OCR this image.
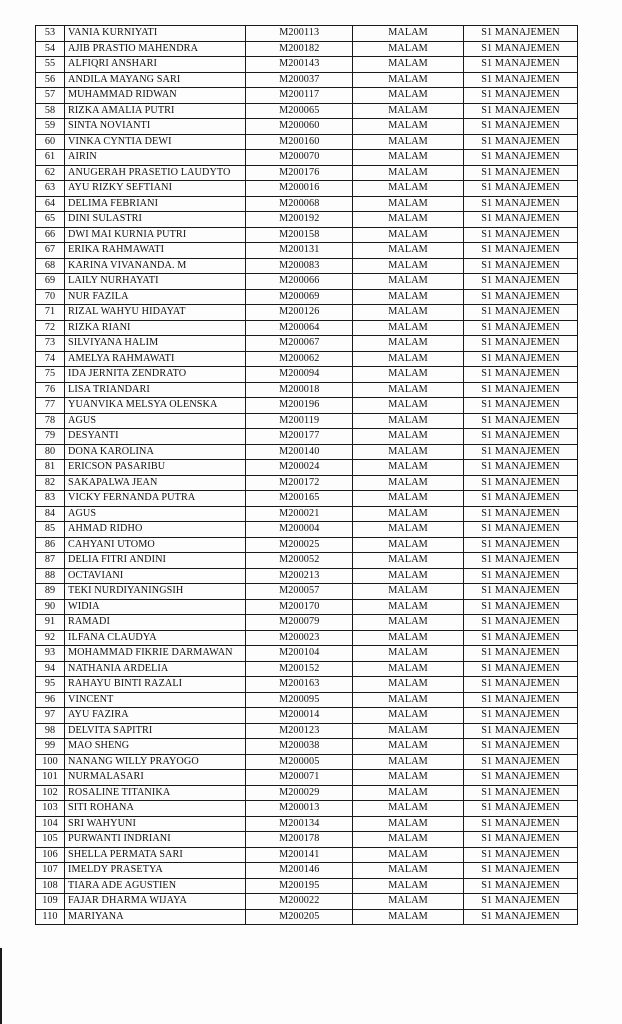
53	VANIA KURNIYATI	M200113	MALAM	S1 MANAJEMEN
54	AJIB PRASTIO MAHENDRA	M200182	MALAM	S1 MANAJEMEN
55	ALFIQRI ANSHARI	M200143	MALAM	S1 MANAJEMEN
56	ANDILA MAYANG SARI	M200037	MALAM	S1 MANAJEMEN
57	MUHAMMAD RIDWAN	M200117	MALAM	S1 MANAJEMEN
58	RIZKA AMALIA PUTRI	M200065	MALAM	S1 MANAJEMEN
59	SINTA NOVIANTI	M200060	MALAM	S1 MANAJEMEN
60	VINKA CYNTIA DEWI	M200160	MALAM	S1 MANAJEMEN
61	AIRIN	M200070	MALAM	S1 MANAJEMEN
62	ANUGERAH PRASETIO LAUDYTO	M200176	MALAM	S1 MANAJEMEN
63	AYU RIZKY SEFTIANI	M200016	MALAM	S1 MANAJEMEN
64	DELIMA FEBRIANI	M200068	MALAM	S1 MANAJEMEN
65	DINI SULASTRI	M200192	MALAM	S1 MANAJEMEN
66	DWI MAI KURNIA PUTRI	M200158	MALAM	S1 MANAJEMEN
67	ERIKA RAHMAWATI	M200131	MALAM	S1 MANAJEMEN
68	KARINA VIVANANDA. M	M200083	MALAM	S1 MANAJEMEN
69	LAILY NURHAYATI	M200066	MALAM	S1 MANAJEMEN
70	NUR FAZILA	M200069	MALAM	S1 MANAJEMEN
71	RIZAL WAHYU HIDAYAT	M200126	MALAM	S1 MANAJEMEN
72	RIZKA RIANI	M200064	MALAM	S1 MANAJEMEN
73	SILVIYANA HALIM	M200067	MALAM	S1 MANAJEMEN
74	AMELYA RAHMAWATI	M200062	MALAM	S1 MANAJEMEN
75	IDA JERNITA ZENDRATO	M200094	MALAM	S1 MANAJEMEN
76	LISA TRIANDARI	M200018	MALAM	S1 MANAJEMEN
77	YUANVIKA MELSYA OLENSKA	M200196	MALAM	S1 MANAJEMEN
78	AGUS	M200119	MALAM	S1 MANAJEMEN
79	DESYANTI	M200177	MALAM	S1 MANAJEMEN
80	DONA KAROLINA	M200140	MALAM	S1 MANAJEMEN
81	ERICSON PASARIBU	M200024	MALAM	S1 MANAJEMEN
82	SAKAPALWA JEAN	M200172	MALAM	S1 MANAJEMEN
83	VICKY FERNANDA PUTRA	M200165	MALAM	S1 MANAJEMEN
84	AGUS	M200021	MALAM	S1 MANAJEMEN
85	AHMAD RIDHO	M200004	MALAM	S1 MANAJEMEN
86	CAHYANI UTOMO	M200025	MALAM	S1 MANAJEMEN
87	DELIA FITRI ANDINI	M200052	MALAM	S1 MANAJEMEN
88	OCTAVIANI	M200213	MALAM	S1 MANAJEMEN
89	TEKI NURDIYANINGSIH	M200057	MALAM	S1 MANAJEMEN
90	WIDIA	M200170	MALAM	S1 MANAJEMEN
91	RAMADI	M200079	MALAM	S1 MANAJEMEN
92	ILFANA CLAUDYA	M200023	MALAM	S1 MANAJEMEN
93	MOHAMMAD FIKRIE DARMAWAN	M200104	MALAM	S1 MANAJEMEN
94	NATHANIA ARDELIA	M200152	MALAM	S1 MANAJEMEN
95	RAHAYU BINTI RAZALI	M200163	MALAM	S1 MANAJEMEN
96	VINCENT	M200095	MALAM	S1 MANAJEMEN
97	AYU FAZIRA	M200014	MALAM	S1 MANAJEMEN
98	DELVITA SAPITRI	M200123	MALAM	S1 MANAJEMEN
99	MAO SHENG	M200038	MALAM	S1 MANAJEMEN
100	NANANG WILLY PRAYOGO	M200005	MALAM	S1 MANAJEMEN
101	NURMALASARI	M200071	MALAM	S1 MANAJEMEN
102	ROSALINE TITANIKA	M200029	MALAM	S1 MANAJEMEN
103	SITI ROHANA	M200013	MALAM	S1 MANAJEMEN
104	SRI WAHYUNI	M200134	MALAM	S1 MANAJEMEN
105	PURWANTI INDRIANI	M200178	MALAM	S1 MANAJEMEN
106	SHELLA PERMATA SARI	M200141	MALAM	S1 MANAJEMEN
107	IMELDY PRASETYA	M200146	MALAM	S1 MANAJEMEN
108	TIARA ADE AGUSTIEN	M200195	MALAM	S1 MANAJEMEN
109	FAJAR DHARMA WIJAYA	M200022	MALAM	S1 MANAJEMEN
110	MARIYANA	M200205	MALAM	S1 MANAJEMEN
